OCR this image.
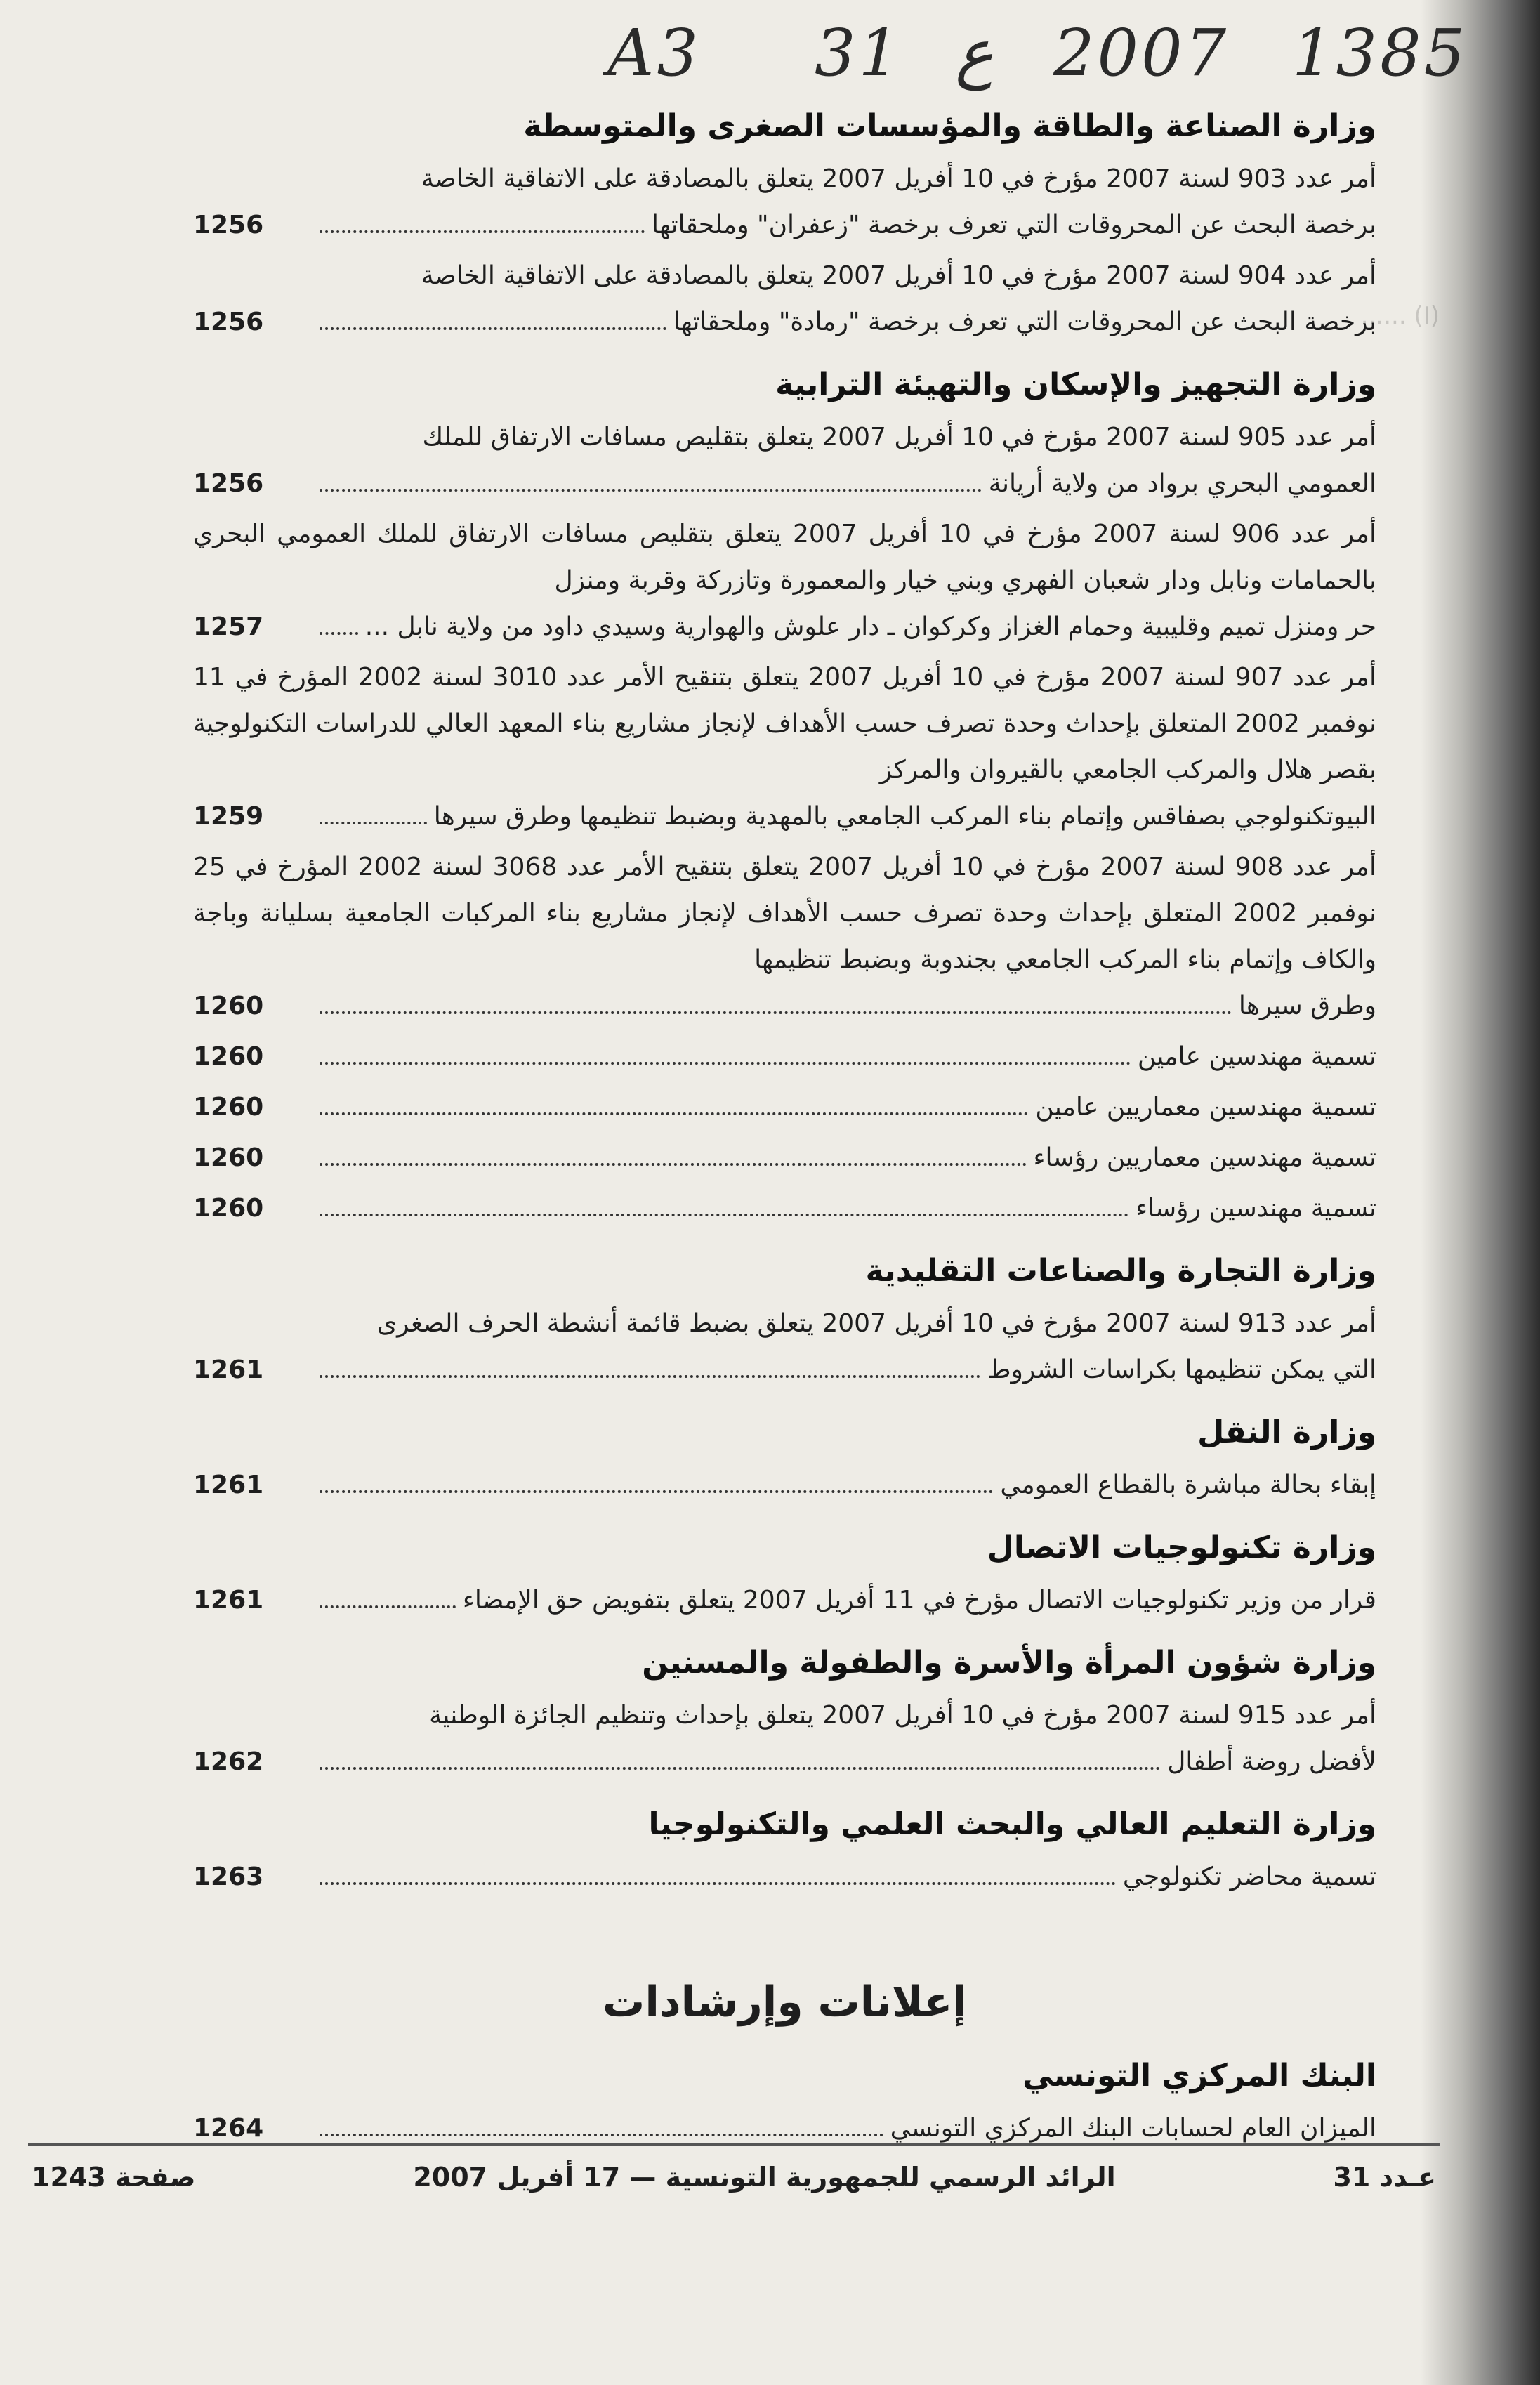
(I) ......
A3 31 ع 2007 1385
وزارة الصناعة والطاقة والمؤسسات الصغرى والمتوسطة

أمر عدد 903 لسنة 2007 مؤرخ في 10 أفريل 2007 يتعلق بالمصادقة على الاتفاقية الخاصة

برخصة البحث عن المحروقات التي تعرف برخصة "زعفران" وملحقاتها
1256

أمر عدد 904 لسنة 2007 مؤرخ في 10 أفريل 2007 يتعلق بالمصادقة على الاتفاقية الخاصة

برخصة البحث عن المحروقات التي تعرف برخصة "رمادة" وملحقاتها
1256
وزارة التجهيز والإسكان والتهيئة الترابية

أمر عدد 905 لسنة 2007 مؤرخ في 10 أفريل 2007 يتعلق بتقليص مسافات الارتفاق للملك

العمومي البحري برواد من ولاية أريانة
1256

أمر عدد 906 لسنة 2007 مؤرخ في 10 أفريل 2007 يتعلق بتقليص مسافات الارتفاق للملك العمومي البحري بالحمامات ونابل ودار شعبان الفهري وبني خيار والمعمورة وتازركة وقربة ومنزل

حر ومنزل تميم وقليبية وحمام الغزاز وكركوان ـ دار علوش والهوارية وسيدي داود من ولاية نابل ...
1257

أمر عدد 907 لسنة 2007 مؤرخ في 10 أفريل 2007 يتعلق بتنقيح الأمر عدد 3010 لسنة 2002 المؤرخ في 11 نوفمبر 2002 المتعلق بإحداث وحدة تصرف حسب الأهداف لإنجاز مشاريع بناء المعهد العالي للدراسات التكنولوجية بقصر هلال والمركب الجامعي بالقيروان والمركز

البيوتكنولوجي بصفاقس وإتمام بناء المركب الجامعي بالمهدية وبضبط تنظيمها وطرق سيرها
1259

أمر عدد 908 لسنة 2007 مؤرخ في 10 أفريل 2007 يتعلق بتنقيح الأمر عدد 3068 لسنة 2002 المؤرخ في 25 نوفمبر 2002 المتعلق بإحداث وحدة تصرف حسب الأهداف لإنجاز مشاريع بناء المركبات الجامعية بسليانة وباجة والكاف وإتمام بناء المركب الجامعي بجندوبة وبضبط تنظيمها

وطرق سيرها
1260
تسمية مهندسين عامين
1260
تسمية مهندسين معماريين عامين
1260
تسمية مهندسين معماريين رؤساء
1260
تسمية مهندسين رؤساء
1260
وزارة التجارة والصناعات التقليدية

أمر عدد 913 لسنة 2007 مؤرخ في 10 أفريل 2007 يتعلق بضبط قائمة أنشطة الحرف الصغرى

التي يمكن تنظيمها بكراسات الشروط
1261
وزارة النقل
إبقاء بحالة مباشرة بالقطاع العمومي
1261
وزارة تكنولوجيات الاتصال
قرار من وزير تكنولوجيات الاتصال مؤرخ في 11 أفريل 2007 يتعلق بتفويض حق الإمضاء
1261
وزارة شؤون المرأة والأسرة والطفولة والمسنين

أمر عدد 915 لسنة 2007 مؤرخ في 10 أفريل 2007 يتعلق بإحداث وتنظيم الجائزة الوطنية

لأفضل روضة أطفال
1262
وزارة التعليم العالي والبحث العلمي والتكنولوجيا
تسمية محاضر تكنولوجي
1263
إعلانات وإرشادات
البنك المركزي التونسي
الميزان العام لحسابات البنك المركزي التونسي
1264
صفحة 1243	الرائد الرسمي للجمهورية التونسية — 17 أفريل 2007	عـدد 31
